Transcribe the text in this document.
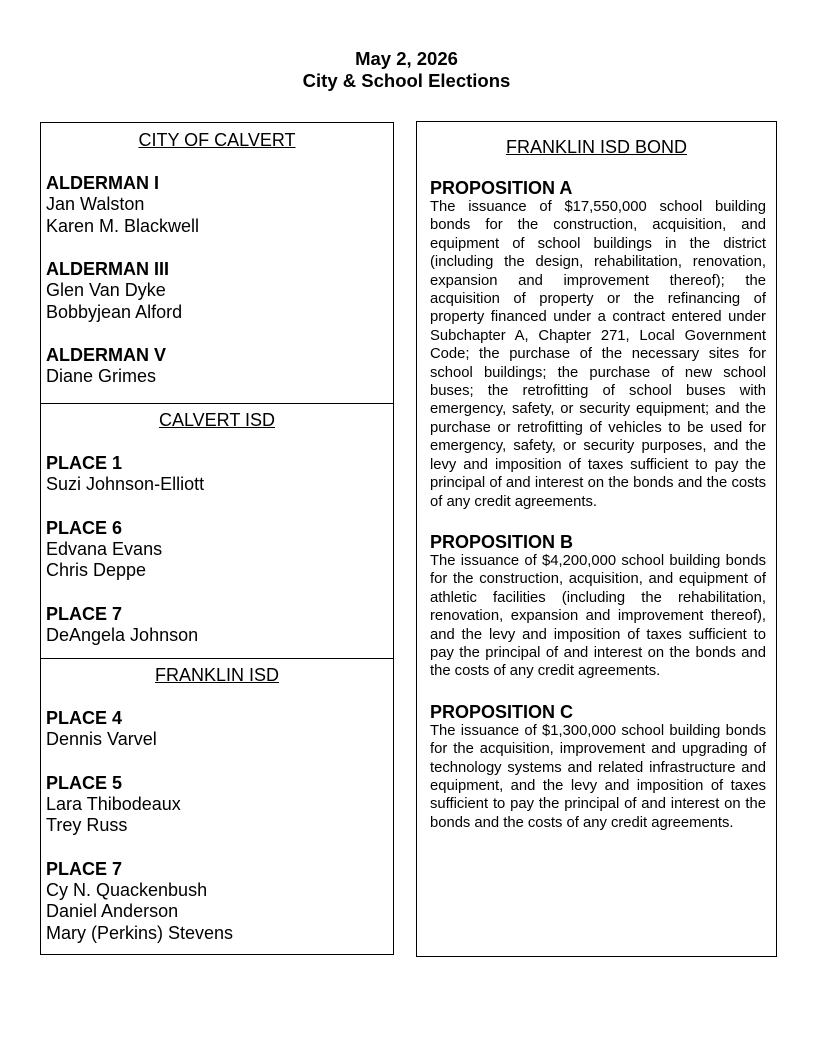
May 2, 2026
City & School Elections
CITY OF CALVERT
ALDERMAN I
Jan Walston
Karen M. Blackwell
ALDERMAN III
Glen Van Dyke
Bobbyjean Alford
ALDERMAN V
Diane Grimes
CALVERT ISD
PLACE 1
Suzi Johnson-Elliott
PLACE 6
Edvana Evans
Chris Deppe
PLACE 7
DeAngela Johnson
FRANKLIN ISD
PLACE 4
Dennis Varvel
PLACE 5
Lara Thibodeaux
Trey Russ
PLACE 7
Cy N. Quackenbush
Daniel Anderson
Mary (Perkins) Stevens
FRANKLIN ISD BOND
PROPOSITION A

The issuance of $17,550,000 school building bonds for the construction, acquisition, and equipment of school buildings in the district (including the design, rehabilitation, renovation, expansion and improvement thereof); the acquisition of property or the refinancing of property financed under a contract entered under Subchapter A, Chapter 271, Local Government Code; the purchase of the necessary sites for school buildings; the purchase of new school buses; the retrofitting of school buses with emergency, safety, or security equipment; and the purchase or retrofitting of vehicles to be used for emergency, safety, or security purposes, and the levy and imposition of taxes sufficient to pay the principal of and interest on the bonds and the costs of any credit agreements.

PROPOSITION B

The issuance of $4,200,000 school building bonds for the construction, acquisition, and equipment of athletic facilities (including the rehabilitation, renovation, expansion and improvement thereof), and the levy and imposition of taxes sufficient to pay the principal of and interest on the bonds and the costs of any credit agreements.

PROPOSITION C

The issuance of $1,300,000 school building bonds for the acquisition, improvement and upgrading of technology systems and related infrastructure and equipment, and the levy and imposition of taxes sufficient to pay the principal of and interest on the bonds and the costs of any credit agreements.
